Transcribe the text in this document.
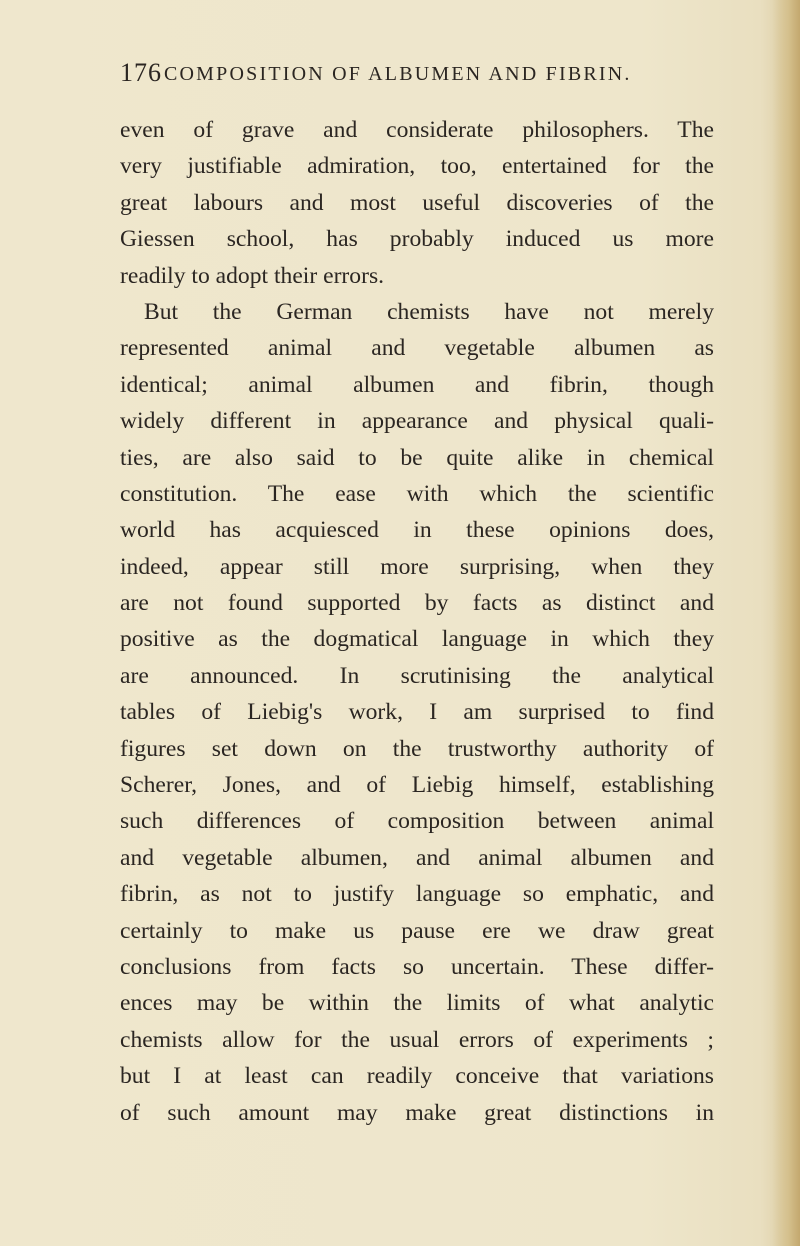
176 COMPOSITION OF ALBUMEN AND FIBRIN.
even of grave and considerate philosophers. The
very justifiable admiration, too, entertained for the
great labours and most useful discoveries of the
Giessen school, has probably induced us more
readily to adopt their errors.
But the German chemists have not merely
represented animal and vegetable albumen as
identical; animal albumen and fibrin, though
widely different in appearance and physical quali-
ties, are also said to be quite alike in chemical
constitution. The ease with which the scientific
world has acquiesced in these opinions does,
indeed, appear still more surprising, when they
are not found supported by facts as distinct and
positive as the dogmatical language in which they
are announced. In scrutinising the analytical
tables of Liebig's work, I am surprised to find
figures set down on the trustworthy authority of
Scherer, Jones, and of Liebig himself, establishing
such differences of composition between animal
and vegetable albumen, and animal albumen and
fibrin, as not to justify language so emphatic, and
certainly to make us pause ere we draw great
conclusions from facts so uncertain. These differ-
ences may be within the limits of what analytic
chemists allow for the usual errors of experiments ;
but I at least can readily conceive that variations
of such amount may make great distinctions in
